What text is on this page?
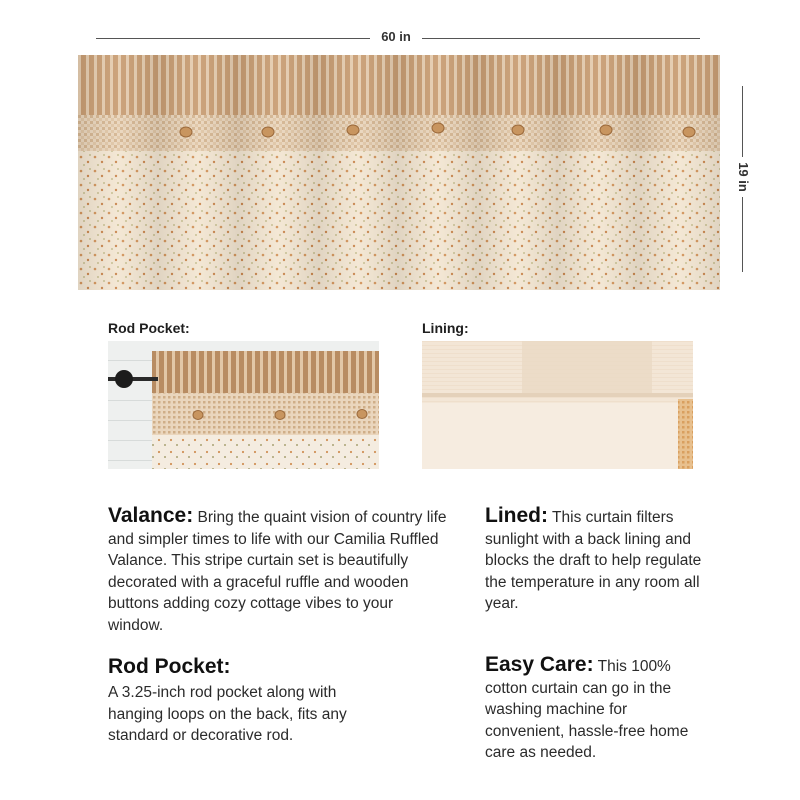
60 in
19 in
Rod Pocket:	Lining:
Valance: Bring the quaint vision of country life and simpler times to life with our Camilia Ruffled Valance. This stripe curtain set is beautifully decorated with a graceful ruffle and wooden buttons adding cozy cottage vibes to your window.
Lined: This curtain filters sunlight with a back lining and blocks the draft to help regulate the temperature in any room all year.
Rod Pocket:
A 3.25-inch rod pocket along with hanging loops on the back, fits any standard or decorative rod.
Easy Care: This 100% cotton curtain can go in the washing machine for convenient, hassle-free home care as needed.
